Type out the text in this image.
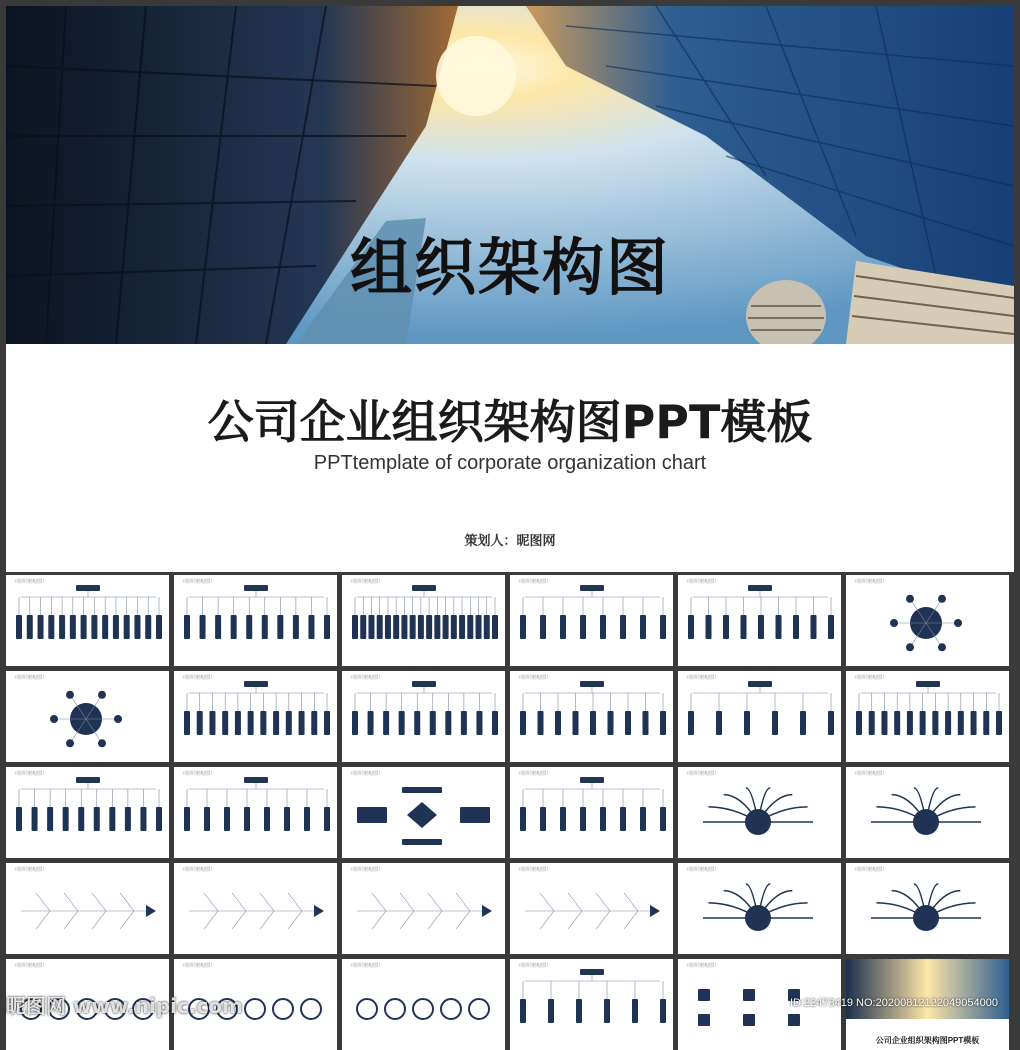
组织架构图
公司企业组织架构图PPT模板
PPTtemplate of corporate organization chart
策划人：昵图网
（组织架构图）	（组织架构图）	（组织架构图）	（组织架构图）	（组织架构图）	（组织架构图）
（组织架构图）	（组织架构图）	（组织架构图）	（组织架构图）	（组织架构图）	（组织架构图）
（组织架构图）	（组织架构图）	（组织架构图）	（组织架构图）	（组织架构图）	（组织架构图）
（组织架构图）	（组织架构图）	（组织架构图）	（组织架构图）	（组织架构图）	（组织架构图）
（组织架构图）	（组织架构图）	（组织架构图）	（组织架构图）	（组织架构图）
公司企业组织架构图PPT模板
昵图网 www.nipic.com	ID:22473419 NO:20200812122049054000
